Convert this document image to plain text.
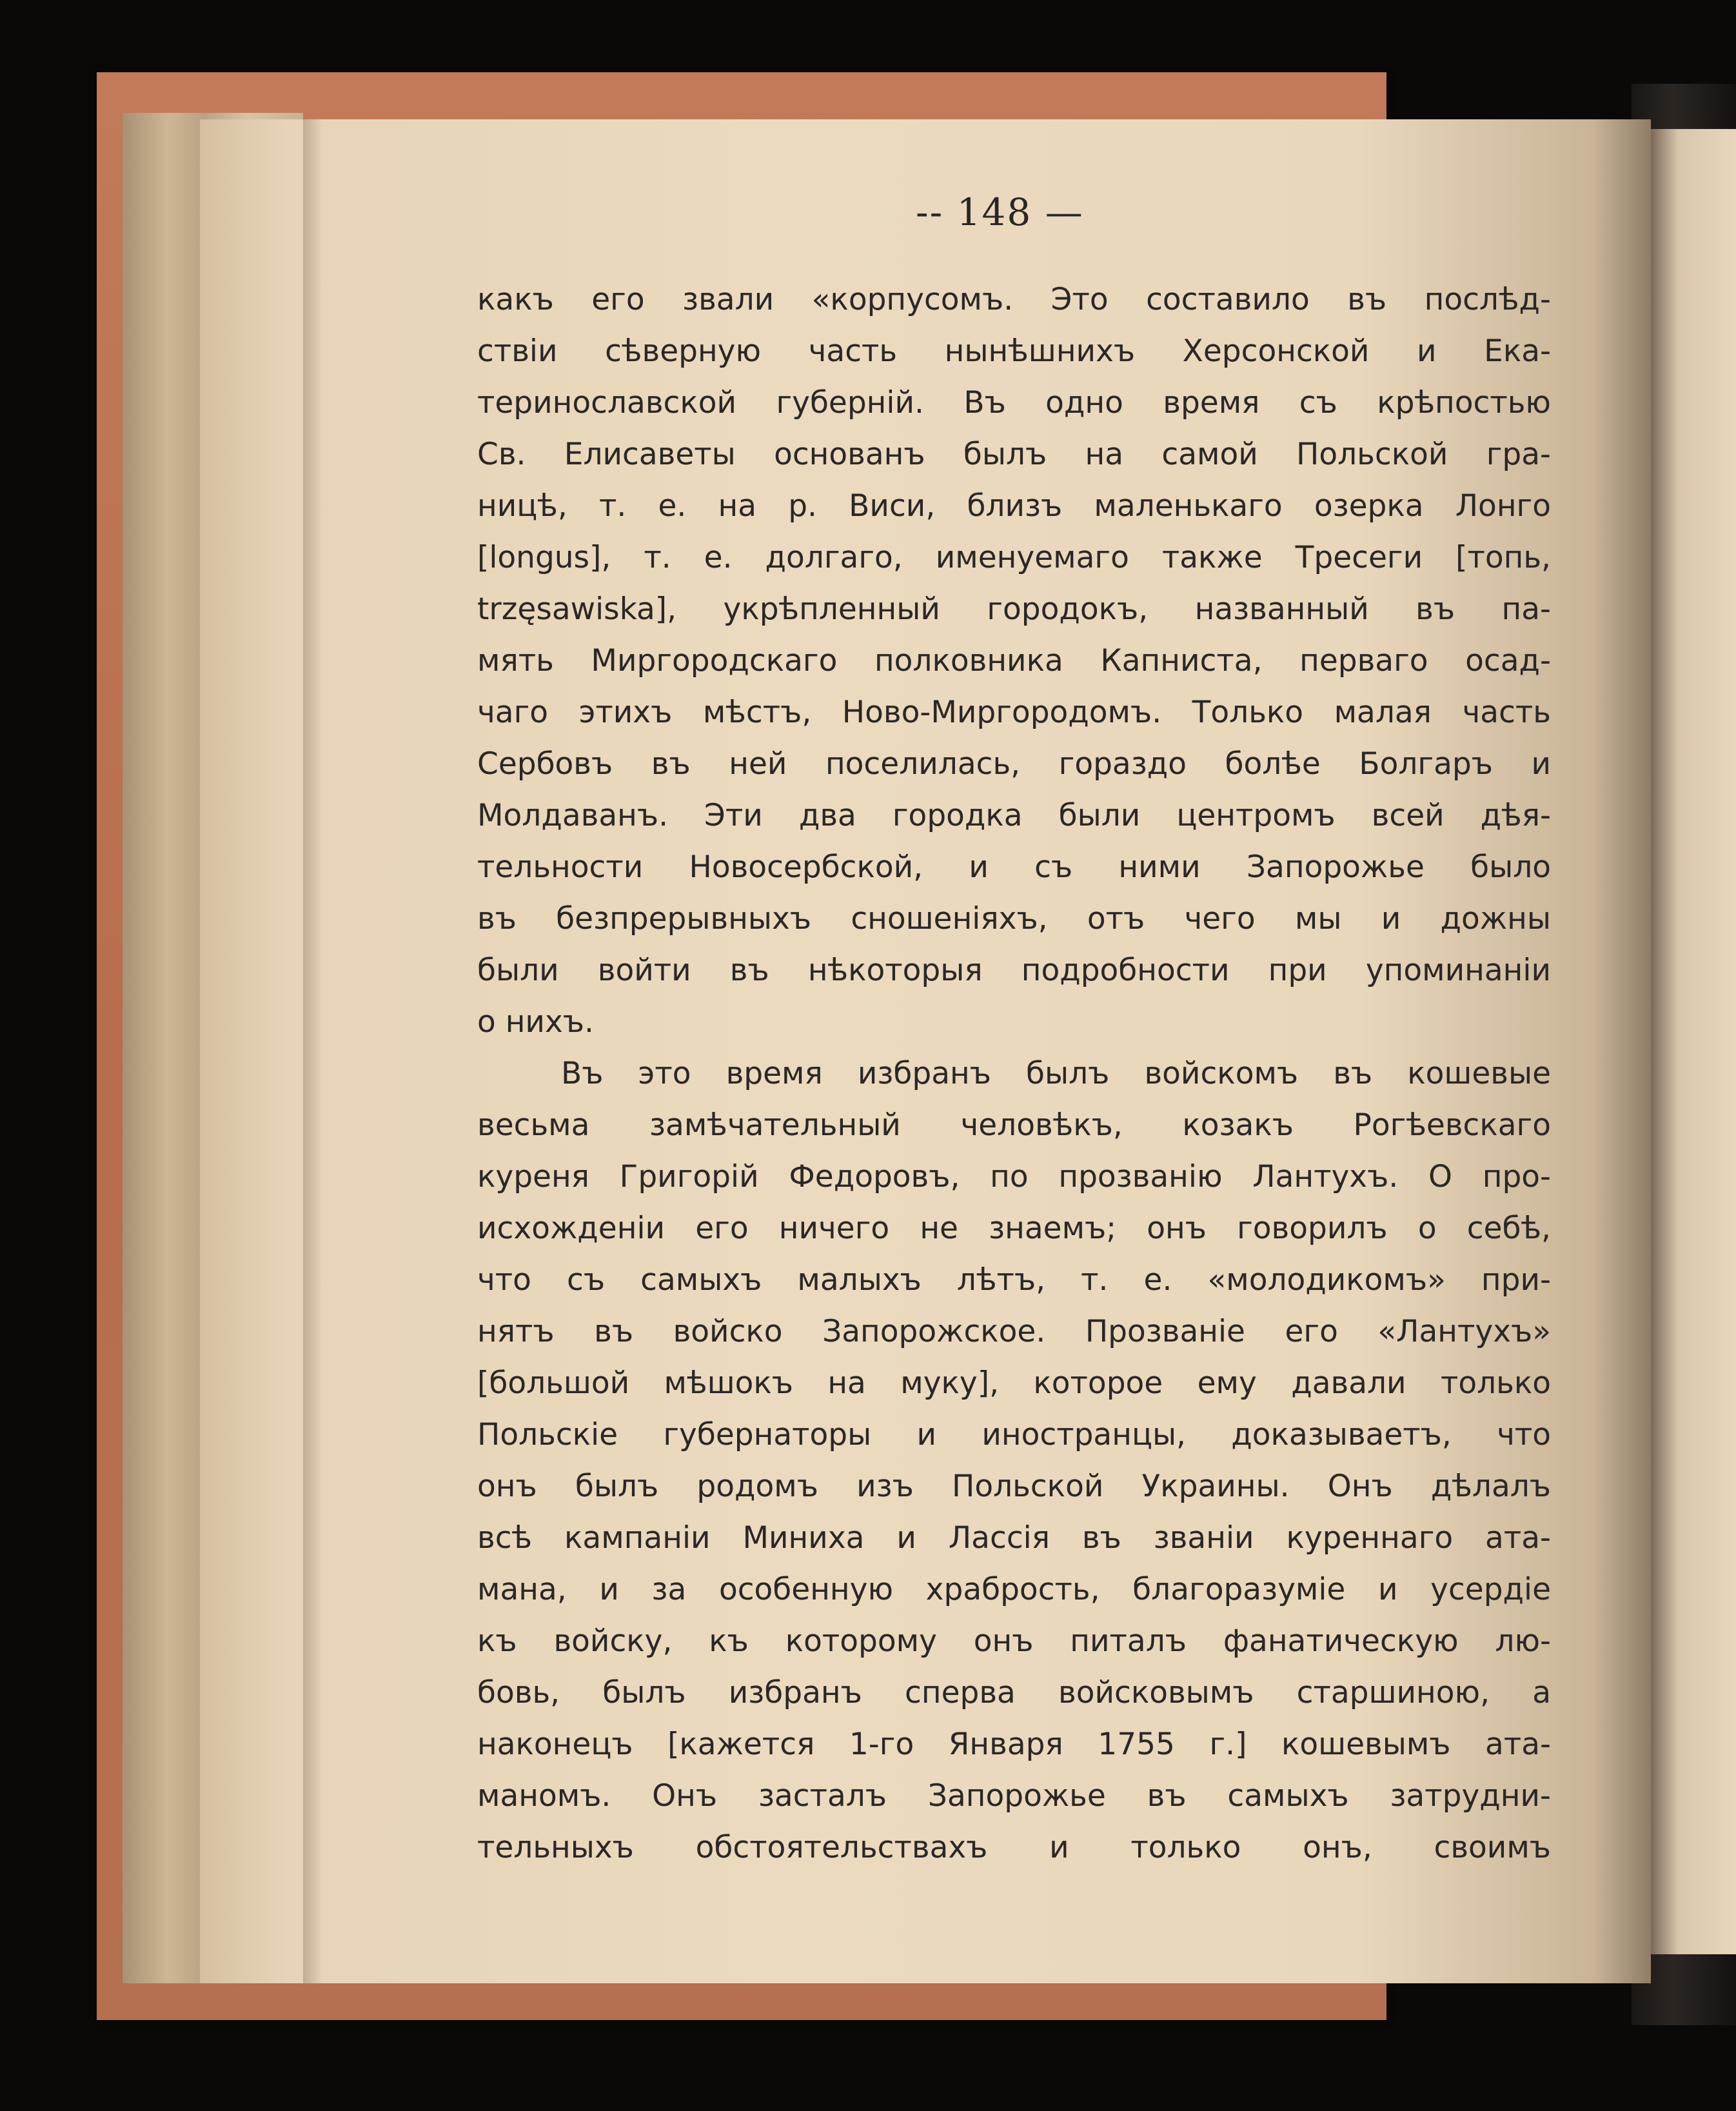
-- 148 —
какъ его звали «корпусомъ. Это составило въ послѣд-
ствіи сѣверную часть нынѣшнихъ Херсонской и Ека-
теринославской губерній. Въ одно время съ крѣпостью
Св. Елисаветы основанъ былъ на самой Польской гра-
ницѣ, т. е. на р. Виси, близъ маленькаго озерка Лонго
[longus], т. е. долгаго, именуемаго также Тресеги [топь,
trzęsawiska], укрѣпленный городокъ, названный въ па-
мять Миргородскаго полковника Капниста, перваго осад-
чаго этихъ мѣстъ, Ново-Миргородомъ. Только малая часть
Сербовъ въ ней поселилась, гораздо болѣе Болгаръ и
Молдаванъ. Эти два городка были центромъ всей дѣя-
тельности Новосербской, и съ ними Запорожье было
въ безпрерывныхъ сношеніяхъ, отъ чего мы и дожны
были войти въ нѣкоторыя подробности при упоминаніи
о нихъ.
Въ это время избранъ былъ войскомъ въ кошевые
весьма замѣчательный человѣкъ, козакъ Рогѣевскаго
куреня Григорій Федоровъ, по прозванію Лантухъ. О про-
исхожденіи его ничего не знаемъ; онъ говорилъ о себѣ,
что съ самыхъ малыхъ лѣтъ, т. е. «молодикомъ» при-
нятъ въ войско Запорожское. Прозваніе его «Лантухъ»
[большой мѣшокъ на муку], которое ему давали только
Польскіе губернаторы и иностранцы, доказываетъ, что
онъ былъ родомъ изъ Польской Украины. Онъ дѣлалъ
всѣ кампаніи Миниха и Лассія въ званіи куреннаго ата-
мана, и за особенную храбрость, благоразуміе и усердіе
къ войску, къ которому онъ питалъ фанатическую лю-
бовь, былъ избранъ сперва войсковымъ старшиною, а
наконецъ [кажется 1-го Января 1755 г.] кошевымъ ата-
маномъ. Онъ засталъ Запорожье въ самыхъ затрудни-
тельныхъ обстоятельствахъ и только онъ, своимъ
